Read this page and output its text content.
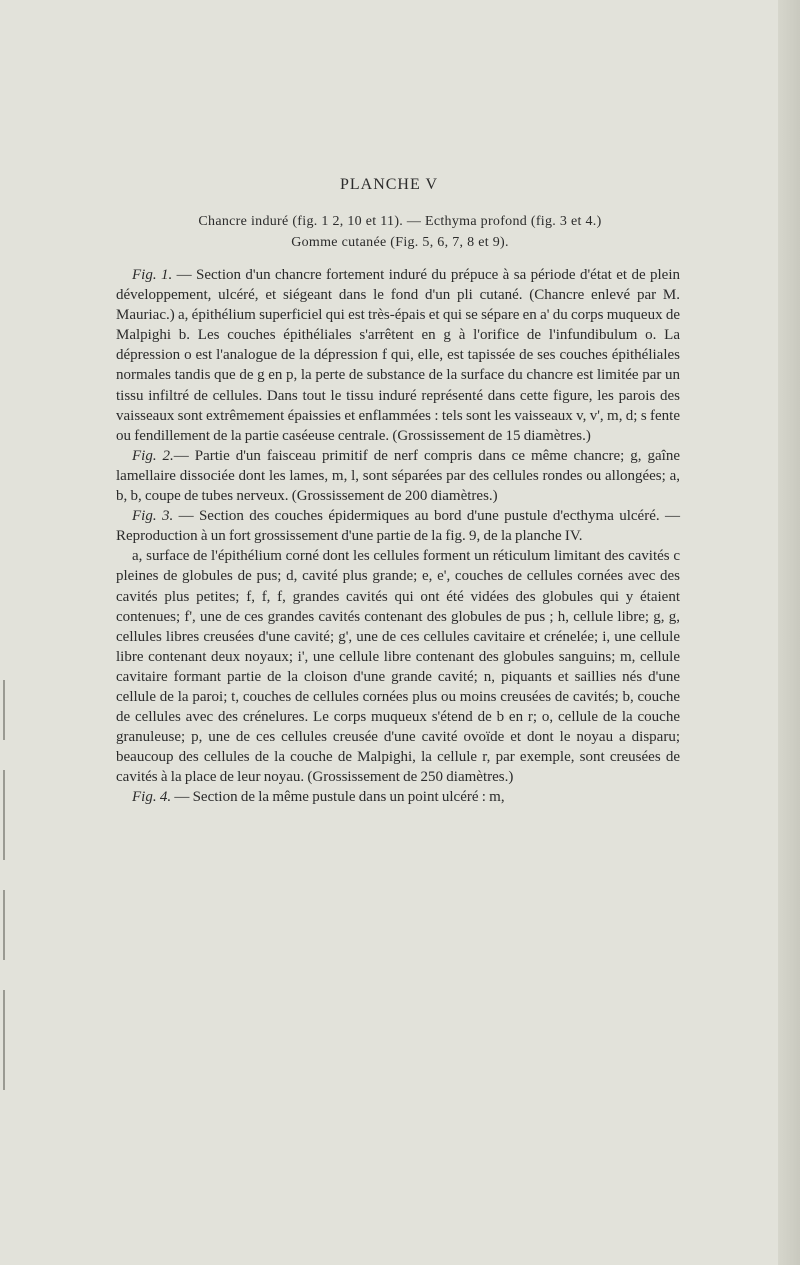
PLANCHE V
Chancre induré (fig. 1 2, 10 et 11). — Ecthyma profond (fig. 3 et 4.)
Gomme cutanée (Fig. 5, 6, 7, 8 et 9).

Fig. 1. — Section d'un chancre fortement induré du prépuce à sa période d'état et de plein développement, ulcéré, et siégeant dans le fond d'un pli cutané. (Chancre enlevé par M. Mauriac.) a, épithélium superficiel qui est très-épais et qui se sépare en a' du corps muqueux de Malpighi b. Les couches épithéliales s'arrêtent en g à l'orifice de l'infundibulum o. La dépression o est l'analogue de la dépression f qui, elle, est tapissée de ses couches épithéliales normales tandis que de g en p, la perte de substance de la surface du chancre est limitée par un tissu infiltré de cellules. Dans tout le tissu induré représenté dans cette figure, les parois des vaisseaux sont extrêmement épaissies et enflammées : tels sont les vaisseaux v, v', m, d; s fente ou fendillement de la partie caséeuse centrale. (Grossissement de 15 diamètres.)

Fig. 2.— Partie d'un faisceau primitif de nerf compris dans ce même chancre; g, gaîne lamellaire dissociée dont les lames, m, l, sont séparées par des cellules rondes ou allongées; a, b, b, coupe de tubes nerveux. (Grossissement de 200 diamètres.)

Fig. 3. — Section des couches épidermiques au bord d'une pustule d'ecthyma ulcéré. — Reproduction à un fort grossissement d'une partie de la fig. 9, de la planche IV.

a, surface de l'épithélium corné dont les cellules forment un réticulum limitant des cavités c pleines de globules de pus; d, cavité plus grande; e, e', couches de cellules cornées avec des cavités plus petites; f, f, f, grandes cavités qui ont été vidées des globules qui y étaient contenues; f', une de ces grandes cavités contenant des globules de pus ; h, cellule libre; g, g, cellules libres creusées d'une cavité; g', une de ces cellules cavitaire et crénelée; i, une cellule libre contenant deux noyaux; i', une cellule libre contenant des globules sanguins; m, cellule cavitaire formant partie de la cloison d'une grande cavité; n, piquants et saillies nés d'une cellule de la paroi; t, couches de cellules cornées plus ou moins creusées de cavités; b, couche de cellules avec des crénelures. Le corps muqueux s'étend de b en r; o, cellule de la couche granuleuse; p, une de ces cellules creusée d'une cavité ovoïde et dont le noyau a disparu; beaucoup des cellules de la couche de Malpighi, la cellule r, par exemple, sont creusées de cavités à la place de leur noyau. (Grossissement de 250 diamètres.)

Fig. 4. — Section de la même pustule dans un point ulcéré : m,
